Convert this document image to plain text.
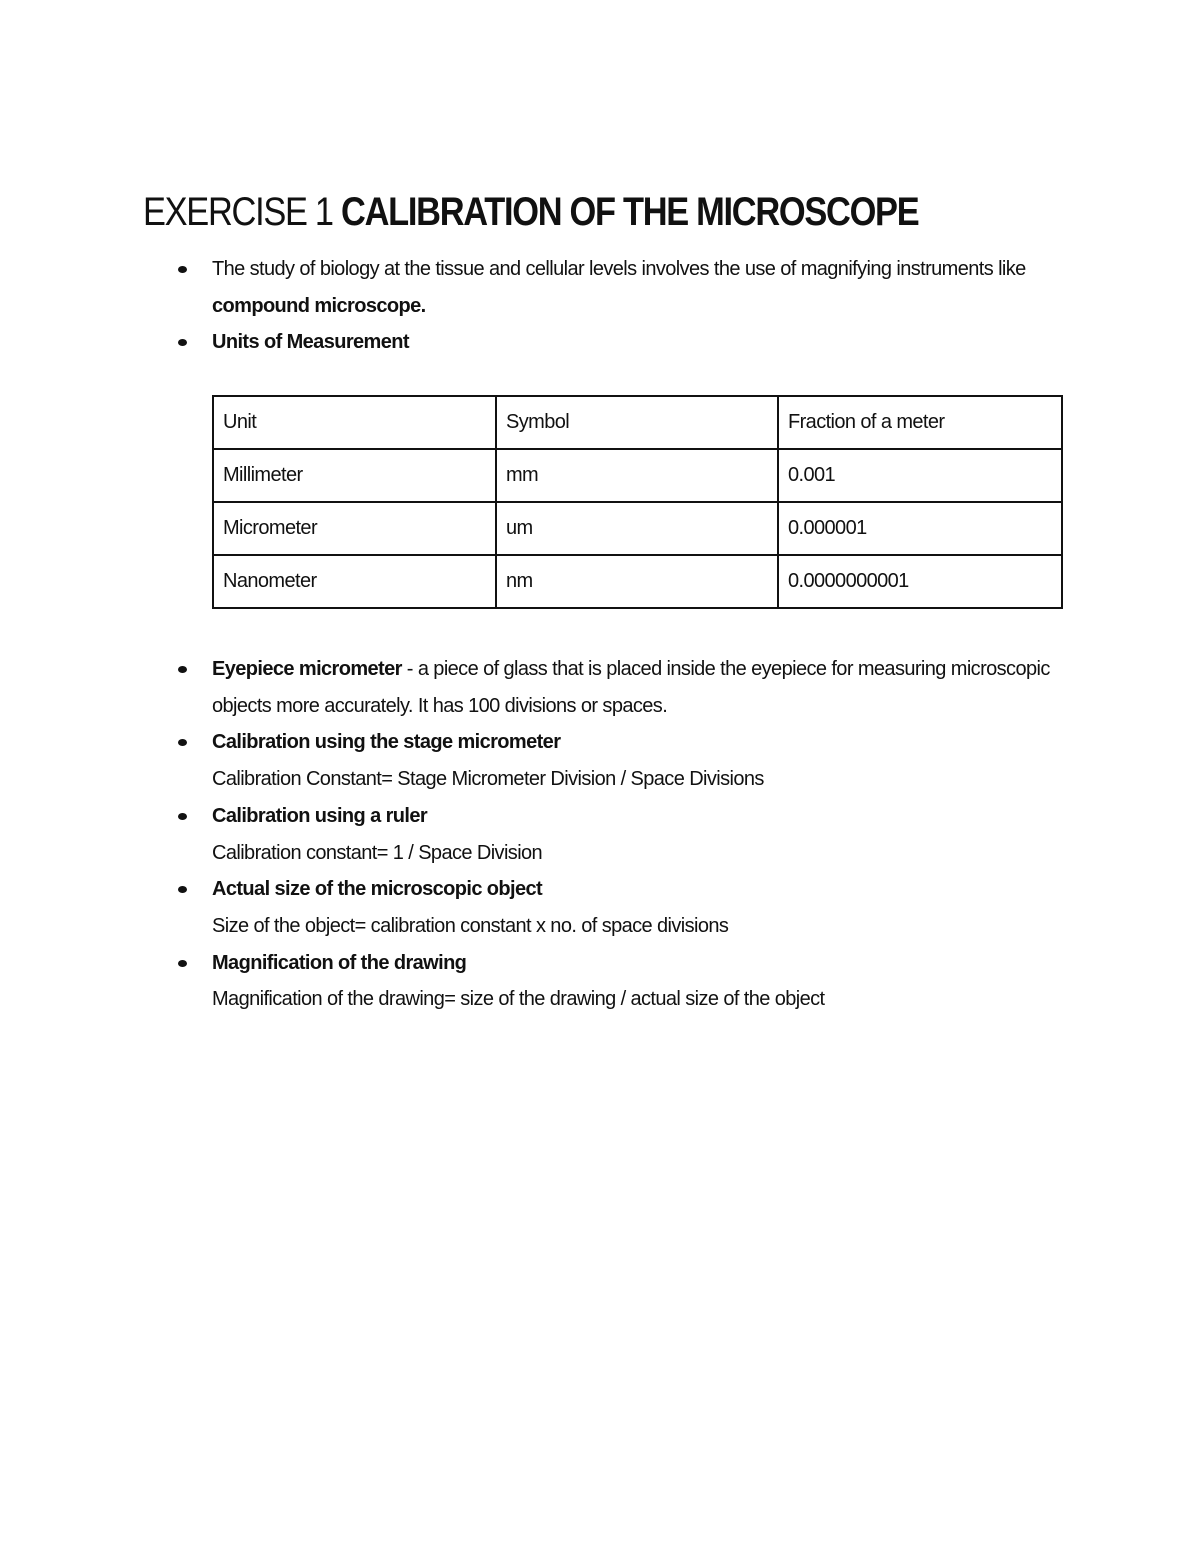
EXERCISE 1 CALIBRATION OF THE MICROSCOPE
The study of biology at the tissue and cellular levels involves the use of magnifying instruments like
compound microscope.
Units of Measurement
Unit	Symbol	Fraction of a meter
Millimeter	mm	0.001
Micrometer	um	0.000001
Nanometer	nm	0.0000000001
Eyepiece micrometer - a piece of glass that is placed inside the eyepiece for measuring microscopic objects more accurately. It has 100 divisions or spaces.
Calibration using the stage micrometer
Calibration Constant= Stage Micrometer Division / Space Divisions
Calibration using a ruler
Calibration constant= 1 / Space Division
Actual size of the microscopic object
Size of the object= calibration constant x no. of space divisions
Magnification of the drawing
Magnification of the drawing= size of the drawing / actual size of the object
